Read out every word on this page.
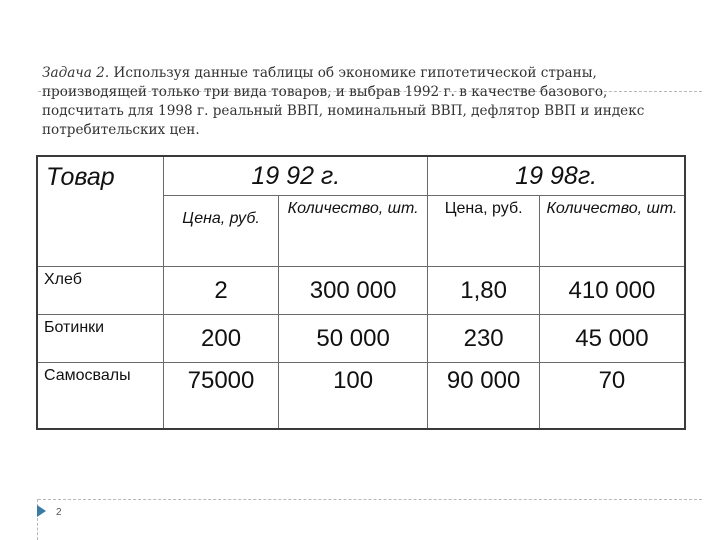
Задача 2. Используя данные таблицы об экономике гипотетической страны, производящей только три вида товаров, и выбрав 1992 г. в качестве базового, подсчитать для 1998 г. реальный ВВП, номинальный ВВП, дефлятор ВВП и индекс потребительских цен.
Товар	19 92 г.		19 98г.	
	Цена, руб.	Количество, шт.	Цена, руб.	Количество, шт.
Хлеб	2	300 000	1,80	410 000
Ботинки	200	50 000	230	45 000
Самосвалы	75000	100	90 000	70
2
